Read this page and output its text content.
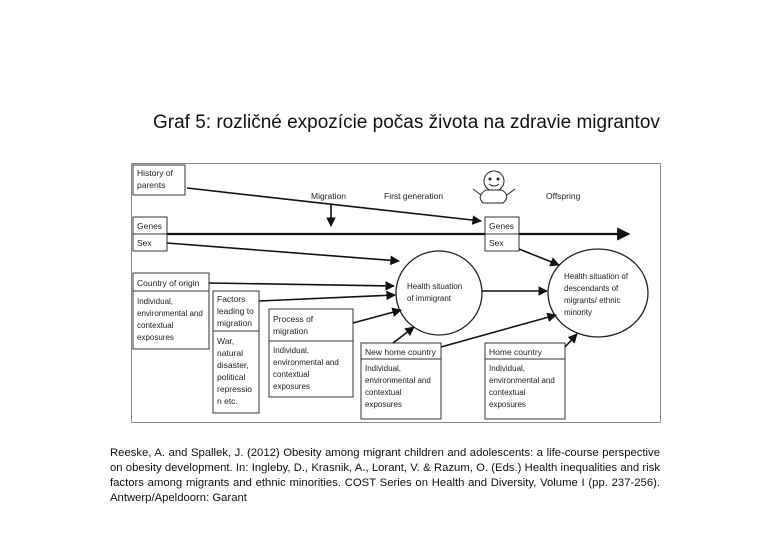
Graf 5: rozličné expozície počas života na zdravie migrantov
History of
parents
Migration	First generation	Offspring
Genes
Sex
Genes
Sex
Country of origin
Individual,
environmental and
contextual
exposures
Factors
leading to
migration
War,
natural
disaster,
political
repressio
n etc.
Process of
migration
Individual,
environmental and
contextual
exposures
Health situation
of immigrant
Health situation of
descendants of
migrants/ ethnic
minority
New home country
Individual,
environmental and
contextual
exposures
Home country
Individual,
environmental and
contextual
exposures
Reeske, A. and Spallek, J. (2012) Obesity among migrant children and adolescents: a life-course perspective on obesity development. In: Ingleby, D., Krasnik, A., Lorant, V. & Razum, O. (Eds.) Health inequalities and risk factors among migrants and ethnic minorities. COST Series on Health and Diversity, Volume I (pp. 237-256). Antwerp/Apeldoorn: Garant
